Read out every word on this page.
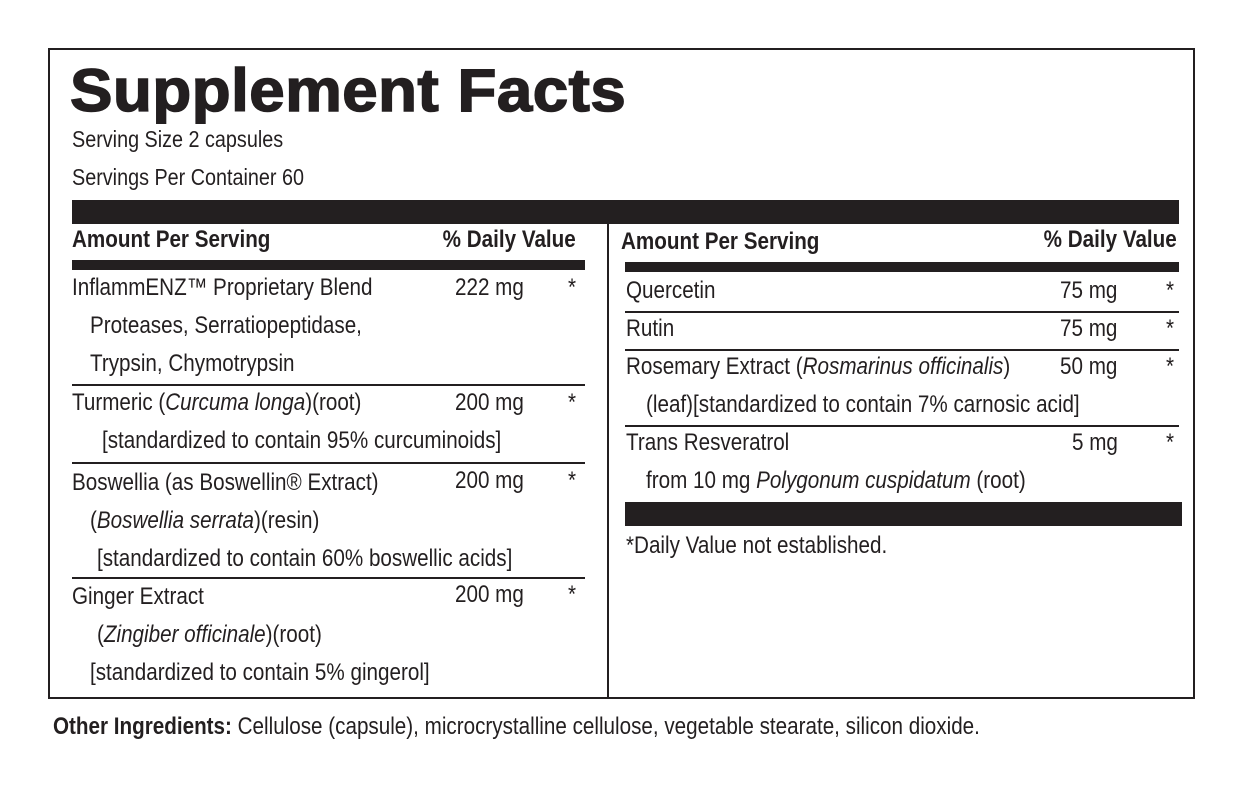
Supplement Facts
Serving Size 2 capsules
Servings Per Container 60
Amount Per Serving	% Daily Value Amount Per Serving	% Daily Value
InflammENZ™ Proprietary Blend	222 mg *
Proteases, Serratiopeptidase,
Trypsin, Chymotrypsin
Turmeric (Curcuma longa)(root)	200 mg *
[standardized to contain 95% curcuminoids]
Boswellia (as Boswellin® Extract)	200 mg *
(Boswellia serrata)(resin)
[standardized to contain 60% boswellic acids]
Ginger Extract	200 mg *
(Zingiber officinale)(root)
[standardized to contain 5% gingerol]
Quercetin	75 mg *
Rutin	75 mg *
Rosemary Extract (Rosmarinus officinalis) 50 mg *
(leaf)[standardized to contain 7% carnosic acid]
Trans Resveratrol	5 mg *
from 10 mg Polygonum cuspidatum (root)
*Daily Value not established.
Other Ingredients: Cellulose (capsule), microcrystalline cellulose, vegetable stearate, silicon dioxide.
